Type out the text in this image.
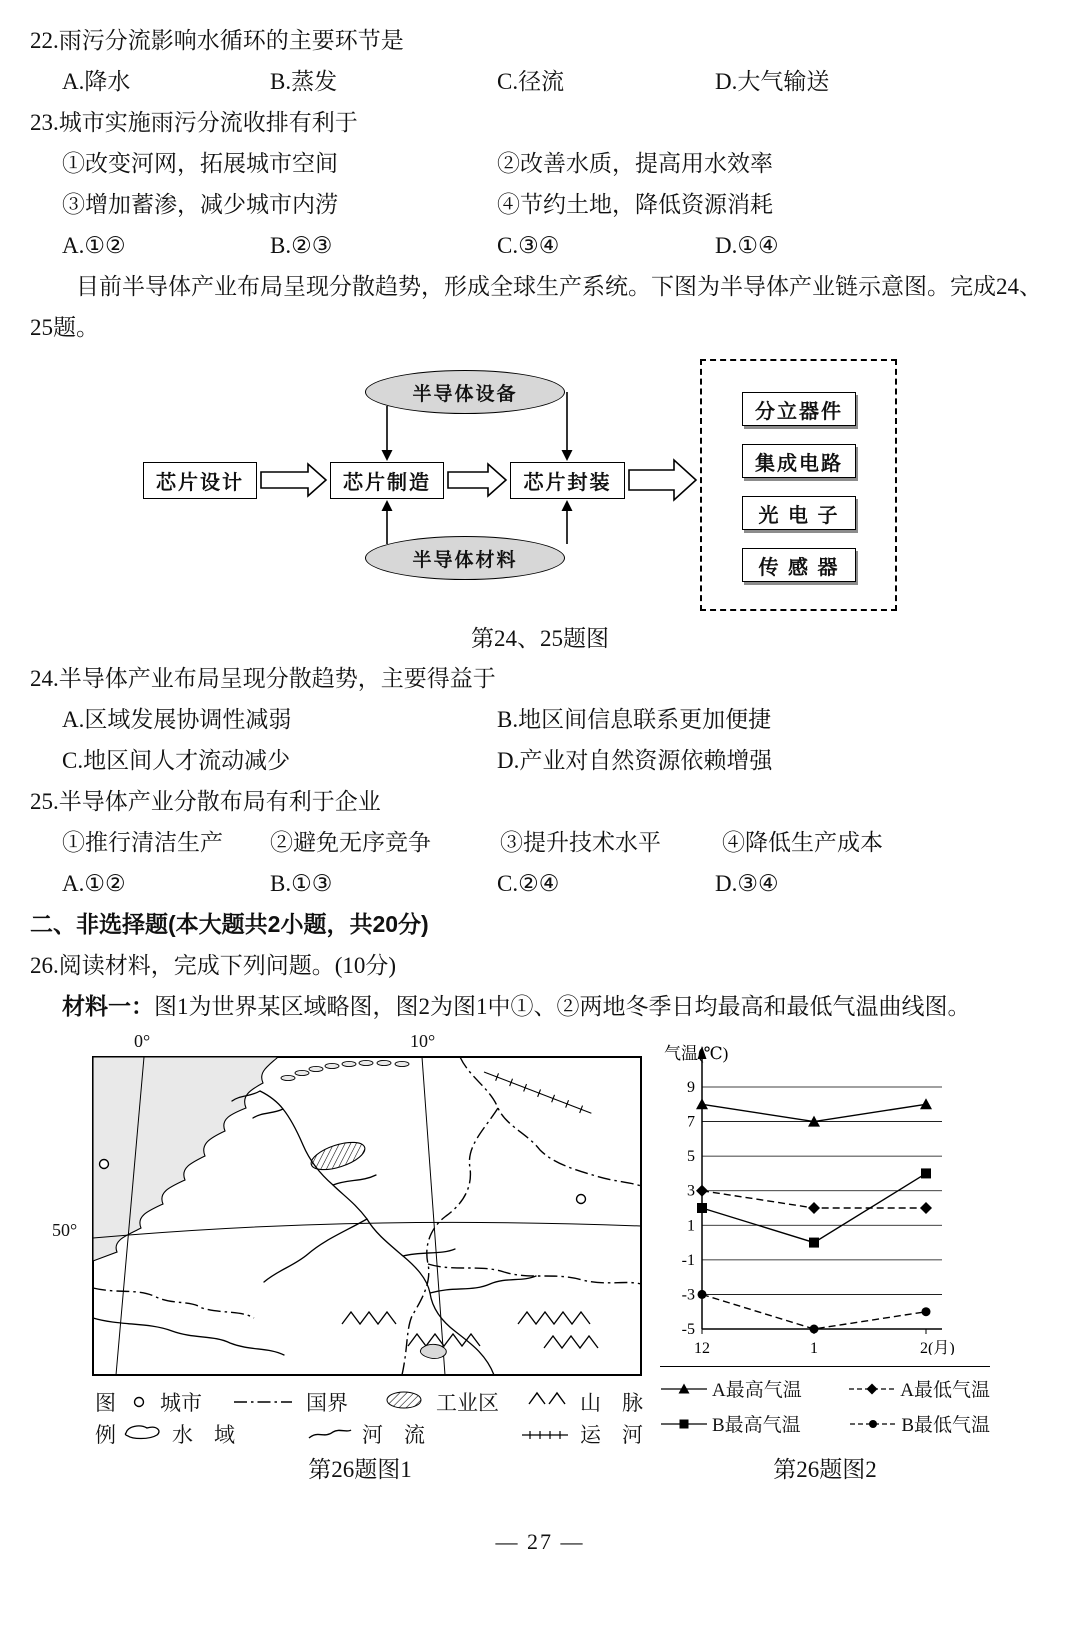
22.雨污分流影响水循环的主要环节是
A.降水	B.蒸发	C.径流	D.大气输送
23.城市实施雨污分流收排有利于
①改变河网，拓展城市空间	②改善水质，提高用水效率
③增加蓄渗，减少城市内涝	④节约土地，降低资源消耗
A.①②	B.②③	C.③④	D.①④

目前半导体产业布局呈现分散趋势，形成全球生产系统。下图为半导体产业链示意图。完成24、25题。

半导体设备
半导体材料
芯片设计	芯片制造	芯片封装
分立器件
集成电路
光 电 子
传 感 器
第24、25题图
24.半导体产业布局呈现分散趋势，主要得益于
A.区域发展协调性减弱	B.地区间信息联系更加便捷
C.地区间人才流动减少	D.产业对自然资源依赖增强
25.半导体产业分散布局有利于企业
①推行清洁生产	②避免无序竞争	③提升技术水平	④降低生产成本
A.①②	B.①③	C.②④	D.③④
二、非选择题(本大题共2小题，共20分)
26.阅读材料，完成下列问题。(10分)
材料一：图1为世界某区域略图，图2为图1中①、②两地冬季日均最高和最低气温曲线图。
0°	10°
50°
图
例
城市	国界	工业区	山　脉
水　域	河　流	运　河
第26题图1
9
7
5
3
1
-1
-3
-5
12	1	2(月)
气温(℃)
A最高气温	A最低气温
B最高气温	B最低气温
第26题图2
— 27 —
